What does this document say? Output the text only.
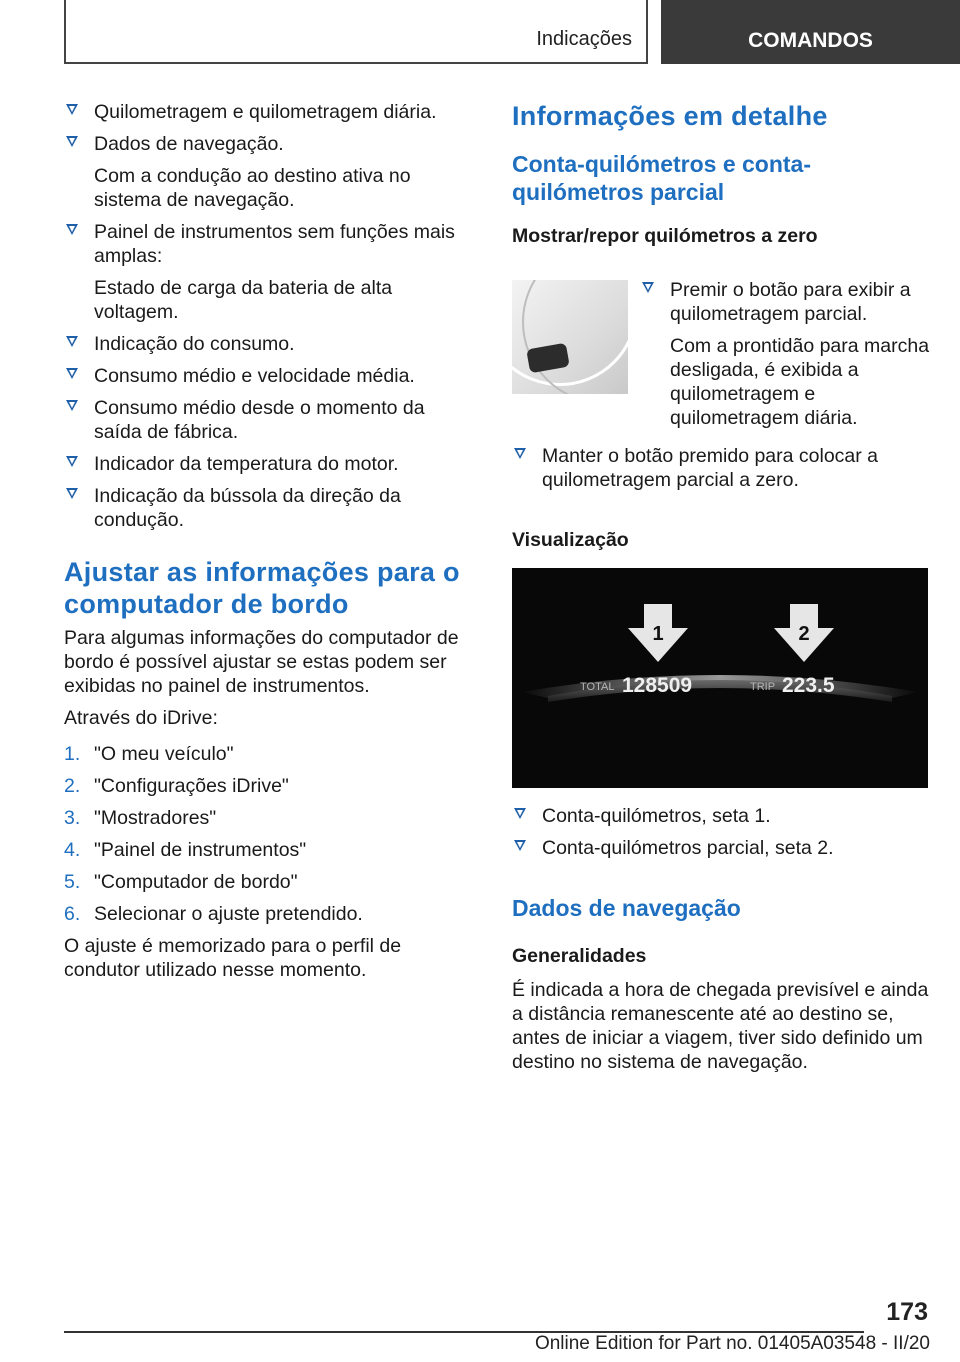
Indicações	COMANDOS
Quilometragem e quilometragem diária.
Dados de navegação.
Com a condução ao destino ativa no sistema de navegação.
Painel de instrumentos sem funções mais amplas:
Estado de carga da bateria de alta voltagem.
Indicação do consumo.
Consumo médio e velocidade média.
Consumo médio desde o momento da saída de fábrica.
Indicador da temperatura do motor.
Indicação da bússola da direção da condução.
Ajustar as informações para o computador de bordo
Para algumas informações do computador de bordo é possível ajustar se estas podem ser exibidas no painel de instrumentos.
Através do iDrive:
1. "O meu veículo"
2. "Configurações iDrive"
3. "Mostradores"
4. "Painel de instrumentos"
5. "Computador de bordo"
6. Selecionar o ajuste pretendido.
O ajuste é memorizado para o perfil de condutor utilizado nesse momento.
Informações em detalhe
Conta-quilómetros e conta-quilómetros parcial
Mostrar/repor quilómetros a zero
Premir o botão para exibir a quilometragem parcial.
Com a prontidão para marcha desligada, é exibida a quilometragem e quilometragem diária.
Manter o botão premido para colocar a quilometragem parcial a zero.
Visualização
1	2
TOTAL 128509	TRIP 223.5
Conta-quilómetros, seta 1.
Conta-quilómetros parcial, seta 2.
Dados de navegação
Generalidades
É indicada a hora de chegada previsível e ainda a distância remanescente até ao destino se, antes de iniciar a viagem, tiver sido definido um destino no sistema de navegação.
173
Online Edition for Part no. 01405A03548 - II/20
